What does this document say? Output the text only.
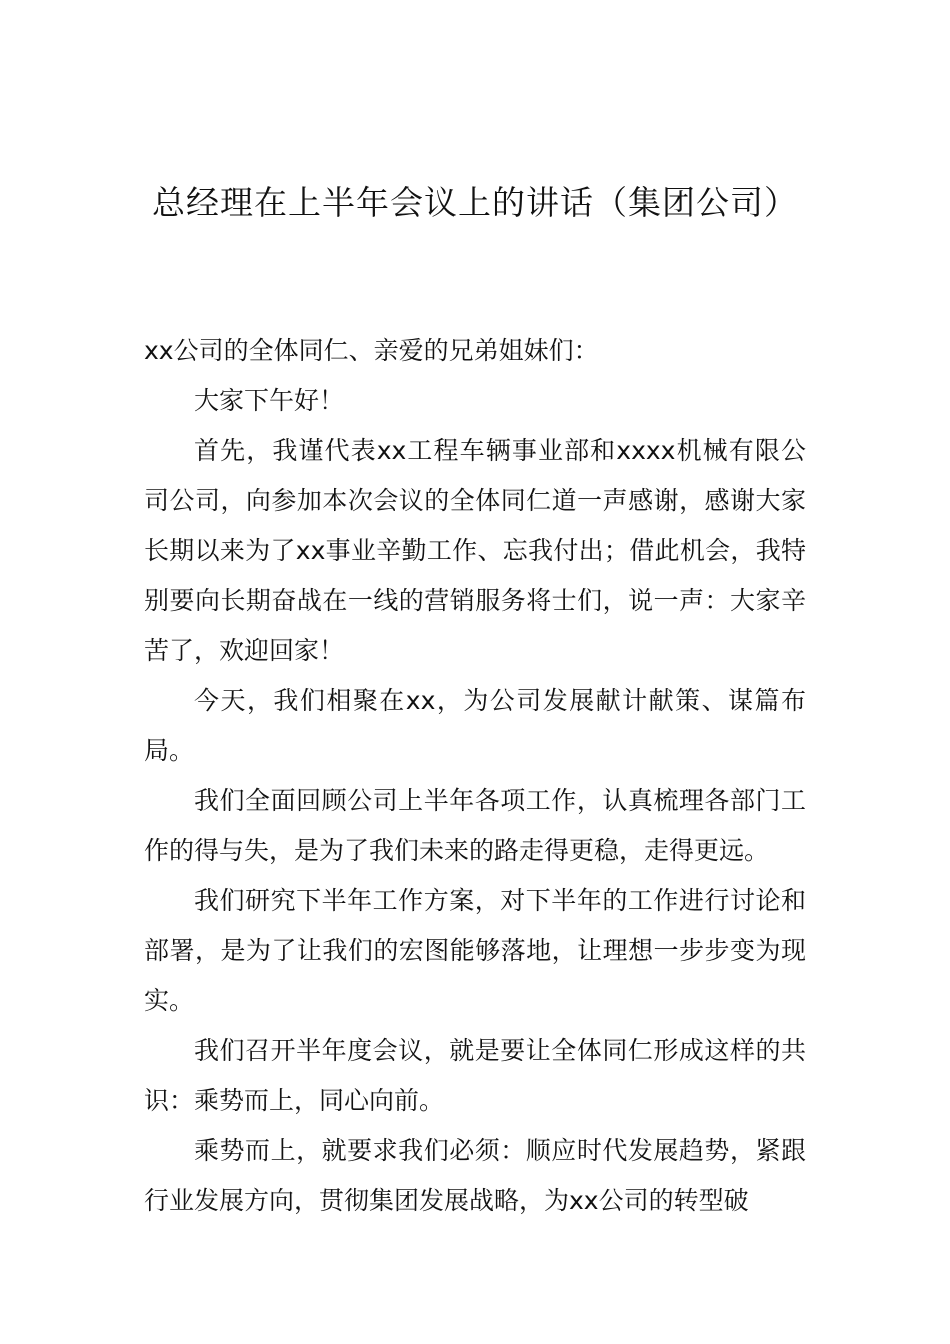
总经理在上半年会议上的讲话（集团公司）

xx公司的全体同仁、亲爱的兄弟姐妹们：

大家下午好！

首先，我谨代表xx工程车辆事业部和xxxx机械有限公司公司，向参加本次会议的全体同仁道一声感谢，感谢大家长期以来为了xx事业辛勤工作、忘我付出；借此机会，我特别要向长期奋战在一线的营销服务将士们，说一声：大家辛苦了，欢迎回家！

今天，我们相聚在xx，为公司发展献计献策、谋篇布局。

我们全面回顾公司上半年各项工作，认真梳理各部门工作的得与失，是为了我们未来的路走得更稳，走得更远。

我们研究下半年工作方案，对下半年的工作进行讨论和部署，是为了让我们的宏图能够落地，让理想一步步变为现实。

我们召开半年度会议，就是要让全体同仁形成这样的共识：乘势而上，同心向前。

乘势而上，就要求我们必须：顺应时代发展趋势，紧跟行业发展方向，贯彻集团发展战略，为xx公司的转型破
